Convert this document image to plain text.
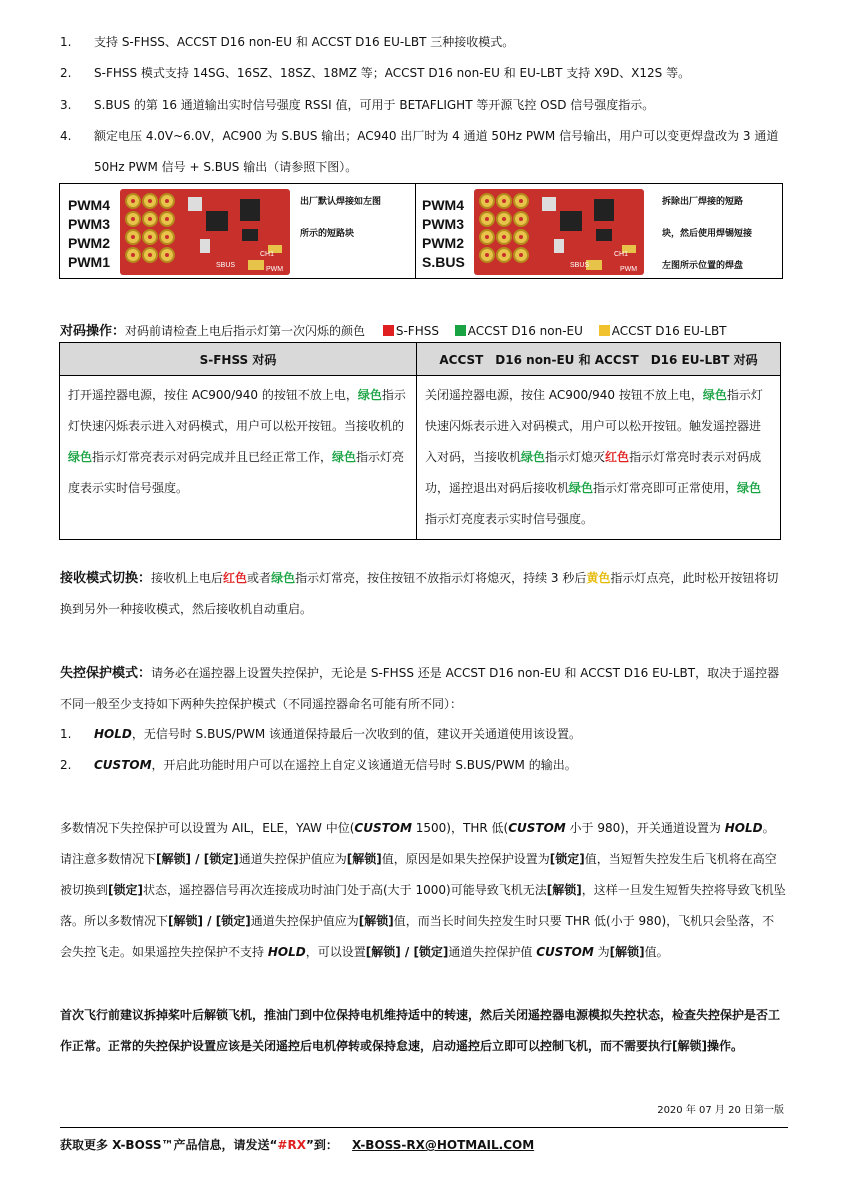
1. 支持 S-FHSS、ACCST D16 non-EU 和 ACCST D16 EU-LBT 三种接收模式。
2. S-FHSS 模式支持 14SG、16SZ、18SZ、18MZ 等；ACCST D16 non-EU 和 EU-LBT 支持 X9D、X12S 等。
3. S.BUS 的第 16 通道输出实时信号强度 RSSI 值，可用于 BETAFLIGHT 等开源飞控 OSD 信号强度指示。
4. 额定电压 4.0V~6.0V，AC900 为 S.BUS 输出；AC940 出厂时为 4 通道 50Hz PWM 信号输出，用户可以变更焊盘改为 3 通道 50Hz PWM 信号 + S.BUS 输出（请参照下图）。
PWM4
PWM3
PWM2
PWM1	SBUS
PWM
CH1
出厂默认焊接如左图
所示的短路块
PWM4
PWM3
PWM2
S.BUS	SBUS
PWM
CH1
拆除出厂焊接的短路
块，然后使用焊锡短接
左图所示位置的焊盘
对码操作：对码前请检查上电后指示灯第一次闪烁的颜色	S-FHSS ACCST D16 non-EU ACCST D16 EU-LBT
S-FHSS 对码	ACCST　D16 non-EU 和 ACCST　D16 EU-LBT 对码
打开遥控器电源，按住 AC900/940 的按钮不放上电，绿色指示灯快速闪烁表示进入对码模式，用户可以松开按钮。当接收机的绿色指示灯常亮表示对码完成并且已经正常工作，绿色指示灯亮度表示实时信号强度。	关闭遥控器电源，按住 AC900/940 按钮不放上电，绿色指示灯快速闪烁表示进入对码模式，用户可以松开按钮。触发遥控器进入对码，当接收机绿色指示灯熄灭红色指示灯常亮时表示对码成功，遥控退出对码后接收机绿色指示灯常亮即可正常使用，绿色指示灯亮度表示实时信号强度。
接收模式切换：接收机上电后红色或者绿色指示灯常亮，按住按钮不放指示灯将熄灭，持续 3 秒后黄色指示灯点亮，此时松开按钮将切换到另外一种接收模式，然后接收机自动重启。
失控保护模式：请务必在遥控器上设置失控保护，无论是 S-FHSS 还是 ACCST D16 non-EU 和 ACCST D16 EU-LBT，取决于遥控器不同一般至少支持如下两种失控保护模式（不同遥控器命名可能有所不同）：
1. HOLD，无信号时 S.BUS/PWM 该通道保持最后一次收到的值，建议开关通道使用该设置。
2. CUSTOM，开启此功能时用户可以在遥控上自定义该通道无信号时 S.BUS/PWM 的输出。
多数情况下失控保护可以设置为 AIL，ELE，YAW 中位(CUSTOM 1500)，THR 低(CUSTOM 小于 980)，开关通道设置为 HOLD。请注意多数情况下[解锁] / [锁定]通道失控保护值应为[解锁]值，原因是如果失控保护设置为[锁定]值，当短暂失控发生后飞机将在高空被切换到[锁定]状态，遥控器信号再次连接成功时油门处于高(大于 1000)可能导致飞机无法[解锁]，这样一旦发生短暂失控将导致飞机坠落。所以多数情况下[解锁] / [锁定]通道失控保护值应为[解锁]值，而当长时间失控发生时只要 THR 低(小于 980)，飞机只会坠落，不会失控飞走。如果遥控失控保护不支持 HOLD，可以设置[解锁] / [锁定]通道失控保护值 CUSTOM 为[解锁]值。
首次飞行前建议拆掉桨叶后解锁飞机，推油门到中位保持电机维持适中的转速，然后关闭遥控器电源模拟失控状态，检查失控保护是否工作正常。正常的失控保护设置应该是关闭遥控后电机停转或保持怠速，启动遥控后立即可以控制飞机，而不需要执行[解锁]操作。
2020 年 07 月 20 日第一版
获取更多 X-BOSS™产品信息，请发送“#RX”到： X-BOSS-RX@HOTMAIL.COM
